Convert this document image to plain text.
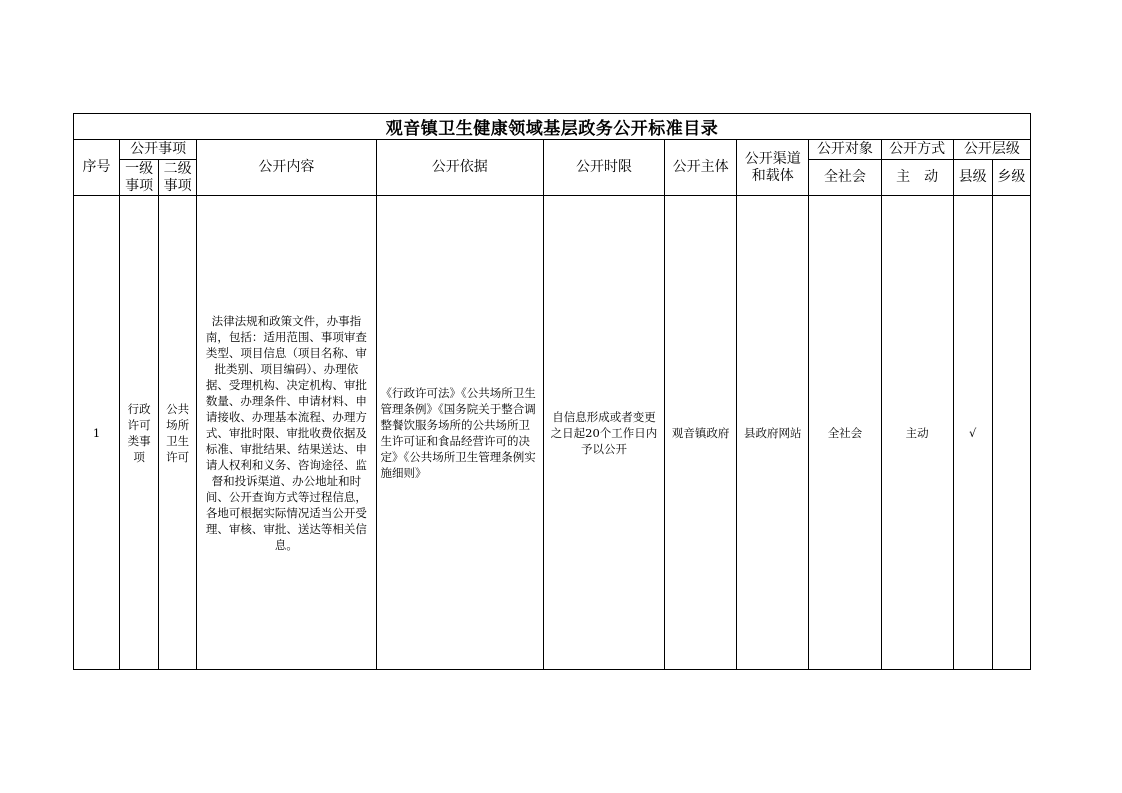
观音镇卫生健康领域基层政务公开标准目录											
序号	公开事项		公开内容	公开依据	公开时限	公开主体	公开渠道和载体	公开对象	公开方式	公开层级	
	一级事项	二级事项						全社会	主　动	县级	乡级
1	行政许可类事项	公共场所卫生许可	法律法规和政策文件，办事指南，包括：适用范围、事项审查类型、项目信息（项目名称、审批类别、项目编码）、办理依据、受理机构、决定机构、审批数量、办理条件、申请材料、申请接收、办理基本流程、办理方式、审批时限、审批收费依据及标准、审批结果、结果送达、申请人权利和义务、咨询途径、监督和投诉渠道、办公地址和时间、公开查询方式等过程信息，各地可根据实际情况适当公开受理、审核、审批、送达等相关信息。	《行政许可法》《公共场所卫生管理条例》《国务院关于整合调整餐饮服务场所的公共场所卫生许可证和食品经营许可的决定》《公共场所卫生管理条例实施细则》	自信息形成或者变更之日起20个工作日内予以公开	观音镇政府	县政府网站	全社会	主动	√	
